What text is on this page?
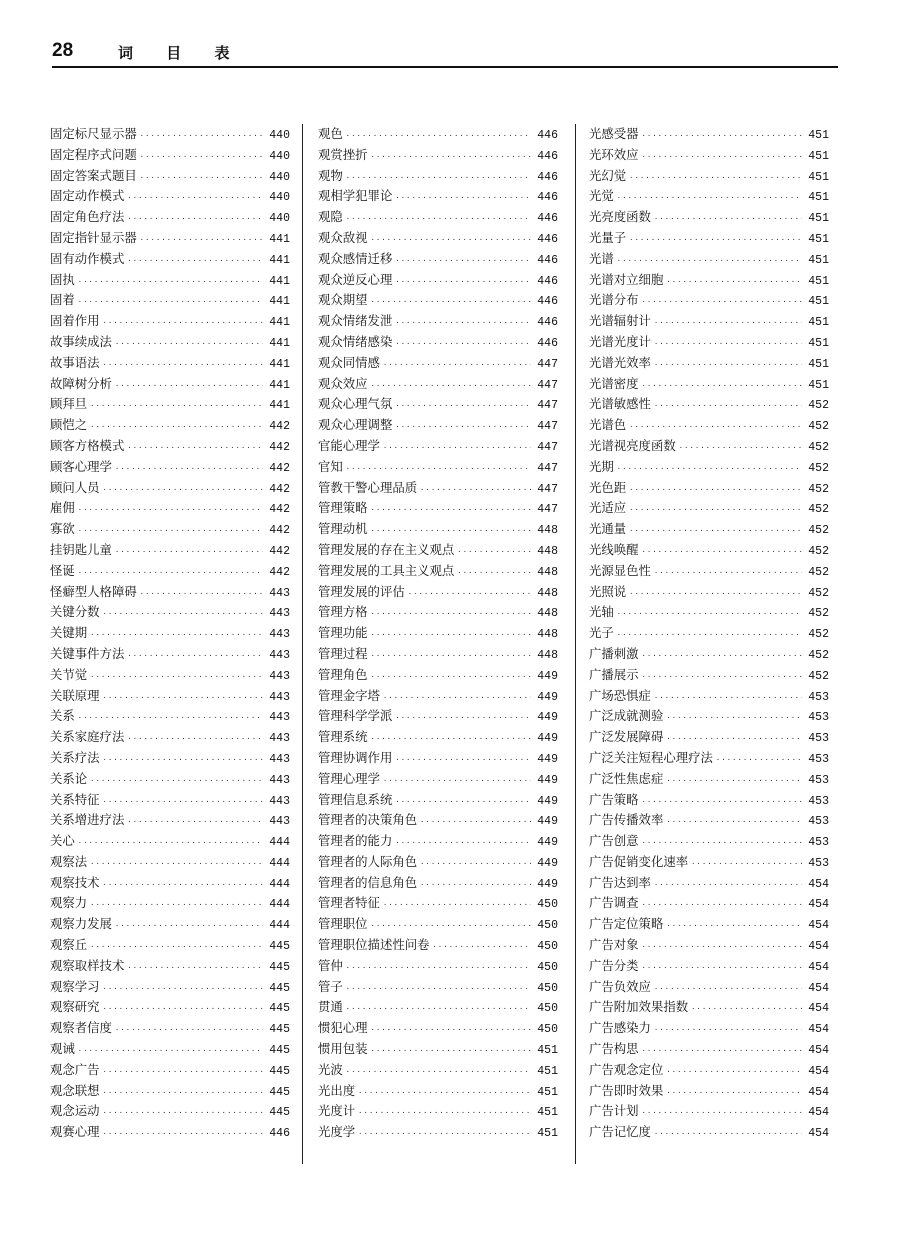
28	词 目 表
固定标尺显示器 ·····	440
固定程序式问题 ·····	440
固定答案式题目 ·····	440
固定动作模式 ·····	440
固定角色疗法 ·····	440
固定指针显示器 ·····	441
固有动作模式 ·····	441
固执 ·····	441
固着 ·····	441
固着作用 ·····	441
故事续成法 ·····	441
故事语法 ·····	441
故障树分析 ·····	441
顾拜旦 ·····	441
顾恺之 ·····	442
顾客方格模式 ·····	442
顾客心理学 ·····	442
顾问人员 ·····	442
雇佣 ·····	442
寡欲 ·····	442
挂钥匙儿童 ·····	442
怪诞 ·····	442
怪癖型人格障碍 ·····	443
关键分数 ·····	443
关键期 ·····	443
关键事件方法 ·····	443
关节觉 ·····	443
关联原理 ·····	443
关系 ·····	443
关系家庭疗法 ·····	443
关系疗法 ·····	443
关系论 ·····	443
关系特征 ·····	443
关系增进疗法 ·····	443
关心 ·····	444
观察法 ·····	444
观察技术 ·····	444
观察力 ·····	444
观察力发展 ·····	444
观察丘 ·····	445
观察取样技术 ·····	445
观察学习 ·····	445
观察研究 ·····	445
观察者信度 ·····	445
观诫 ·····	445
观念广告 ·····	445
观念联想 ·····	445
观念运动 ·····	445
观赛心理 ·····	446
观色 ·····	446
观赏挫折 ·····	446
观物 ·····	446
观相学犯罪论 ·····	446
观隐 ·····	446
观众敌视 ·····	446
观众感情迁移 ·····	446
观众逆反心理 ·····	446
观众期望 ·····	446
观众情绪发泄 ·····	446
观众情绪感染 ·····	446
观众同情感 ·····	447
观众效应 ·····	447
观众心理气氛 ·····	447
观众心理调整 ·····	447
官能心理学 ·····	447
官知 ·····	447
管教干警心理品质 ·····	447
管理策略 ·····	447
管理动机 ·····	448
管理发展的存在主义观点 ·····	448
管理发展的工具主义观点 ·····	448
管理发展的评估 ·····	448
管理方格 ·····	448
管理功能 ·····	448
管理过程 ·····	448
管理角色 ·····	449
管理金字塔 ·····	449
管理科学学派 ·····	449
管理系统 ·····	449
管理协调作用 ·····	449
管理心理学 ·····	449
管理信息系统 ·····	449
管理者的决策角色 ·····	449
管理者的能力 ·····	449
管理者的人际角色 ·····	449
管理者的信息角色 ·····	449
管理者特征 ·····	450
管理职位 ·····	450
管理职位描述性问卷 ·····	450
管仲 ·····	450
管子 ·····	450
贯通 ·····	450
惯犯心理 ·····	450
惯用包装 ·····	451
光波 ·····	451
光出度 ·····	451
光度计 ·····	451
光度学 ·····	451
光感受器 ·····	451
光环效应 ·····	451
光幻觉 ·····	451
光觉 ·····	451
光亮度函数 ·····	451
光量子 ·····	451
光谱 ·····	451
光谱对立细胞 ·····	451
光谱分布 ·····	451
光谱辐射计 ·····	451
光谱光度计 ·····	451
光谱光效率 ·····	451
光谱密度 ·····	451
光谱敏感性 ·····	452
光谱色 ·····	452
光谱视亮度函数 ·····	452
光期 ·····	452
光色距 ·····	452
光适应 ·····	452
光通量 ·····	452
光线唤醒 ·····	452
光源显色性 ·····	452
光照说 ·····	452
光轴 ·····	452
光子 ·····	452
广播刺激 ·····	452
广播展示 ·····	452
广场恐惧症 ·····	453
广泛成就测验 ·····	453
广泛发展障碍 ·····	453
广泛关注短程心理疗法 ·····	453
广泛性焦虑症 ·····	453
广告策略 ·····	453
广告传播效率 ·····	453
广告创意 ·····	453
广告促销变化速率 ·····	453
广告达到率 ·····	454
广告调查 ·····	454
广告定位策略 ·····	454
广告对象 ·····	454
广告分类 ·····	454
广告负效应 ·····	454
广告附加效果指数 ·····	454
广告感染力 ·····	454
广告构思 ·····	454
广告观念定位 ·····	454
广告即时效果 ·····	454
广告计划 ·····	454
广告记忆度 ·····	454
